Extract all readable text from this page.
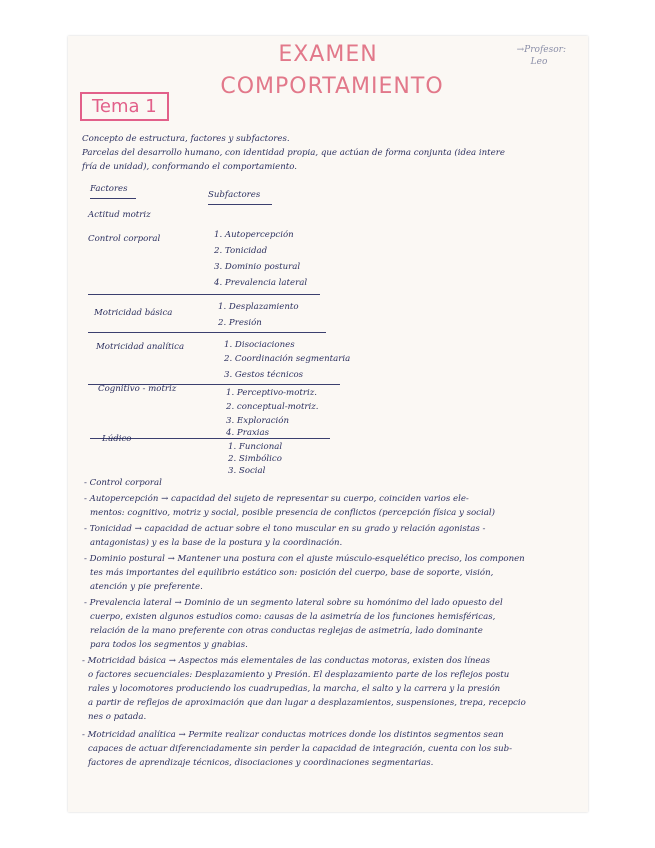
EXAMEN
COMPORTAMIENTO
→Profesor:
Leo
Tema 1
Concepto de estructura, factores y subfactores.
Parcelas del desarrollo humano, con identidad propia, que actúan de forma conjunta (idea intere
fría de unidad), conformando el comportamiento.
Factores
Subfactores
Actitud motriz
Control corporal	1. Autopercepción
2. Tonicidad
3. Dominio postural
4. Prevalencia lateral
Motricidad básica
1. Desplazamiento
2. Presión
Motricidad analítica	1. Disociaciones
2. Coordinación segmentaria
3. Gestos técnicos
Cognitivo - motriz	1. Perceptivo-motriz.
2. conceptual-motriz.
3. Exploración
4. Praxias
Lúdico
1. Funcional
2. Simbólico
3. Social
- Control corporal
- Autopercepción → capacidad del sujeto de representar su cuerpo, coinciden varios ele-
mentos: cognitivo, motriz y social, posible presencia de conflictos (percepción física y social)
- Tonicidad → capacidad de actuar sobre el tono muscular en su grado y relación agonistas -
antagonistas) y es la base de la postura y la coordinación.
- Dominio postural → Mantener una postura con el ajuste músculo-esquelético preciso, los componen
tes más importantes del equilibrio estático son: posición del cuerpo, base de soporte, visión,
atención y pie preferente.
- Prevalencia lateral → Dominio de un segmento lateral sobre su homónimo del lado opuesto del
cuerpo, existen algunos estudios como: causas de la asimetría de los funciones hemisféricas,
relación de la mano preferente con otras conductas reglejas de asimetría, lado dominante
para todos los segmentos y gnabias.
- Motricidad básica → Aspectos más elementales de las conductas motoras, existen dos líneas
o factores secuenciales: Desplazamiento y Presión. El desplazamiento parte de los reflejos postu
rales y locomotores produciendo los cuadrupedias, la marcha, el salto y la carrera y la presión
a partir de reflejos de aproximación que dan lugar a desplazamientos, suspensiones, trepa, recepcio
nes o patada.
- Motricidad analítica → Permite realizar conductas motrices donde los distintos segmentos sean
capaces de actuar diferenciadamente sin perder la capacidad de integración, cuenta con los sub-
factores de aprendizaje técnicos, disociaciones y coordinaciones segmentarias.
